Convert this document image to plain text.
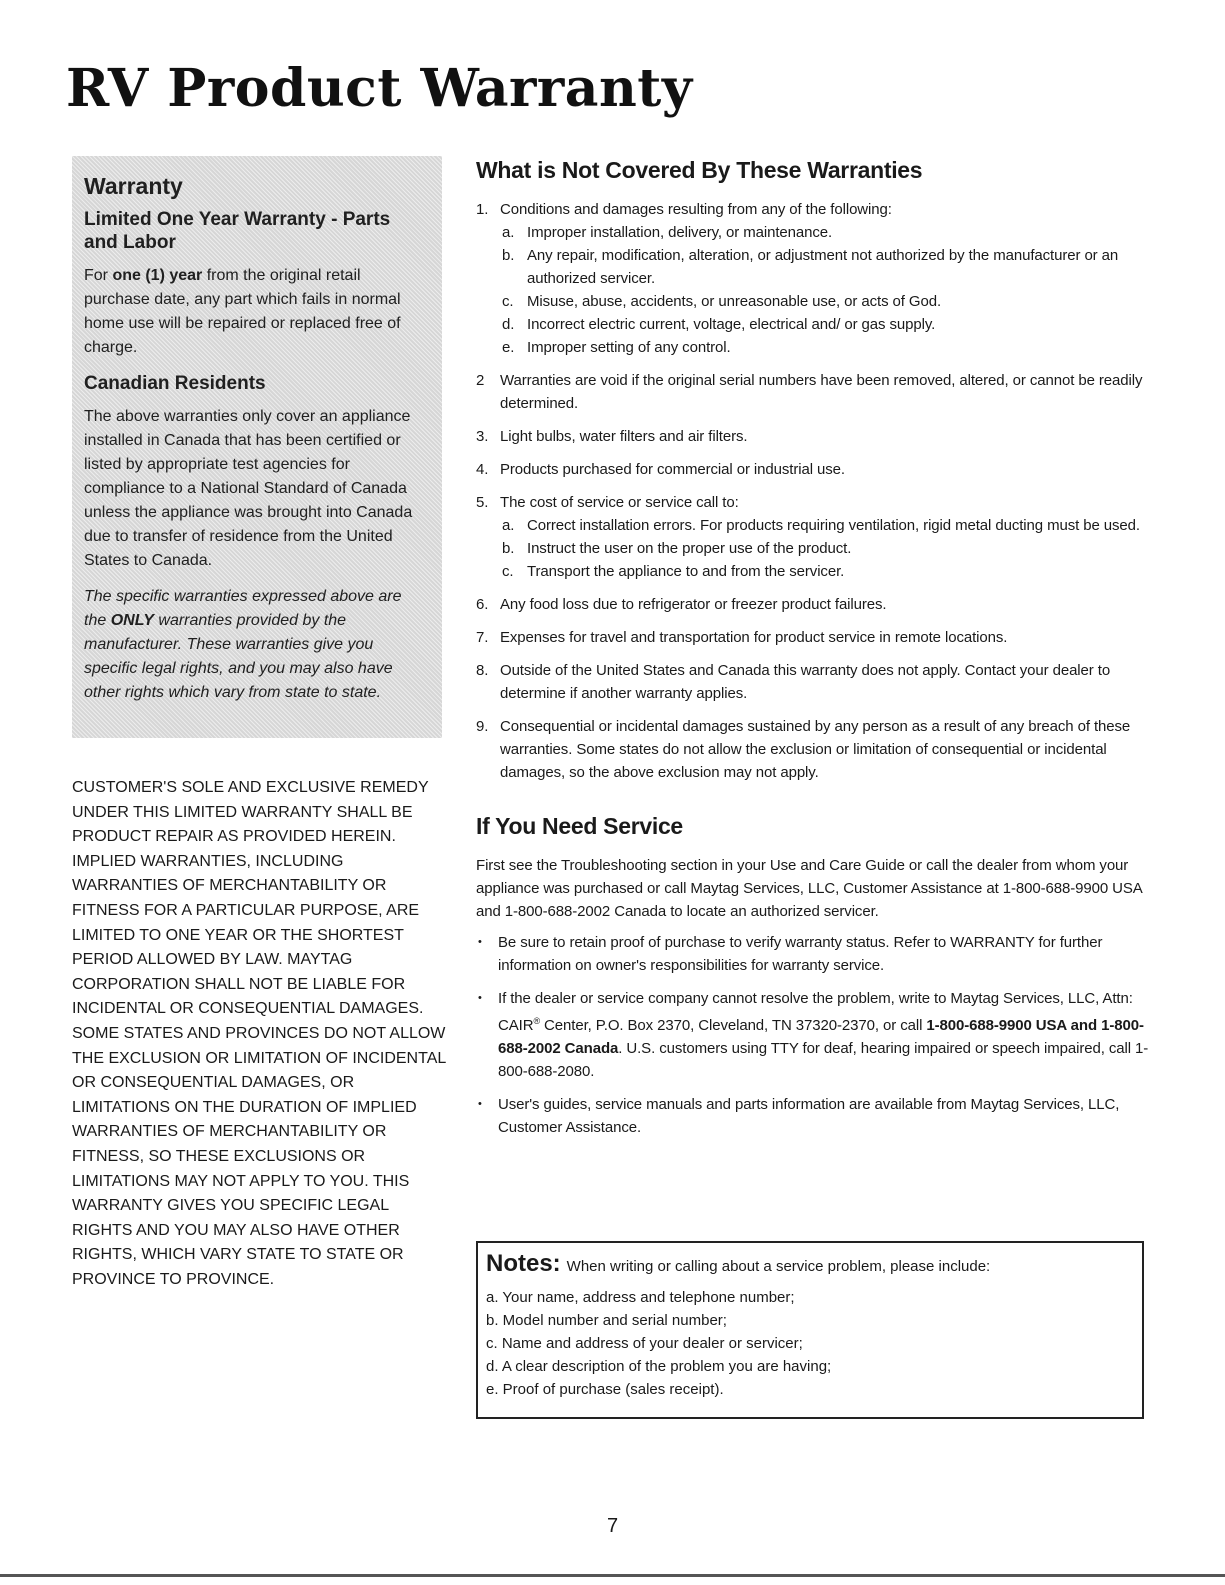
RV Product Warranty
Warranty
Limited One Year Warranty - Parts and Labor

For one (1) year from the original retail purchase date, any part which fails in normal home use will be repaired or replaced free of charge.

Canadian Residents

The above warranties only cover an appliance installed in Canada that has been certified or listed by appropriate test agencies for compliance to a National Standard of Canada unless the appliance was brought into Canada due to transfer of residence from the United States to Canada.

The specific warranties expressed above are the ONLY warranties provided by the manufacturer. These warranties give you specific legal rights, and you may also have other rights which vary from state to state.

CUSTOMER'S SOLE AND EXCLUSIVE REMEDY UNDER THIS LIMITED WARRANTY SHALL BE PRODUCT REPAIR AS PROVIDED HEREIN. IMPLIED WARRANTIES, INCLUDING WARRANTIES OF MERCHANTABILITY OR FITNESS FOR A PARTICULAR PURPOSE, ARE LIMITED TO ONE YEAR OR THE SHORTEST PERIOD ALLOWED BY LAW. MAYTAG CORPORATION SHALL NOT BE LIABLE FOR INCIDENTAL OR CONSEQUENTIAL DAMAGES. SOME STATES AND PROVINCES DO NOT ALLOW THE EXCLUSION OR LIMITATION OF INCIDENTAL OR CONSEQUENTIAL DAMAGES, OR LIMITATIONS ON THE DURATION OF IMPLIED WARRANTIES OF MERCHANTABILITY OR FITNESS, SO THESE EXCLUSIONS OR LIMITATIONS MAY NOT APPLY TO YOU. THIS WARRANTY GIVES YOU SPECIFIC LEGAL RIGHTS AND YOU MAY ALSO HAVE OTHER RIGHTS, WHICH VARY STATE TO STATE OR PROVINCE TO PROVINCE.

What is Not Covered By These Warranties
1. Conditions and damages resulting from any of the following:
a. Improper installation, delivery, or maintenance.
b. Any repair, modification, alteration, or adjustment not authorized by the manufacturer or an authorized servicer.
c. Misuse, abuse, accidents, or unreasonable use, or acts of God.
d. Incorrect electric current, voltage, electrical and/ or gas supply.
e. Improper setting of any control.
2 Warranties are void if the original serial numbers have been removed, altered, or cannot be readily determined.
3. Light bulbs, water filters and air filters.
4. Products purchased for commercial or industrial use.
5. The cost of service or service call to:
a. Correct installation errors. For products requiring ventilation, rigid metal ducting must be used.
b. Instruct the user on the proper use of the product.
c. Transport the appliance to and from the servicer.
6. Any food loss due to refrigerator or freezer product failures.
7. Expenses for travel and transportation for product service in remote locations.
8. Outside of the United States and Canada this warranty does not apply. Contact your dealer to determine if another warranty applies.
9. Consequential or incidental damages sustained by any person as a result of any breach of these warranties. Some states do not allow the exclusion or limitation of consequential or incidental damages, so the above exclusion may not apply.
If You Need Service
First see the Troubleshooting section in your Use and Care Guide or call the dealer from whom your appliance was purchased or call Maytag Services, LLC, Customer Assistance at 1-800-688-9900 USA and 1-800-688-2002 Canada to locate an authorized servicer.
• Be sure to retain proof of purchase to verify warranty status. Refer to WARRANTY for further information on owner's responsibilities for warranty service.
• If the dealer or service company cannot resolve the problem, write to Maytag Services, LLC, Attn: CAIR® Center, P.O. Box 2370, Cleveland, TN 37320-2370, or call 1-800-688-9900 USA and 1-800-688-2002 Canada. U.S. customers using TTY for deaf, hearing impaired or speech impaired, call 1-800-688-2080.
• User's guides, service manuals and parts information are available from Maytag Services, LLC, Customer Assistance.
Notes: When writing or calling about a service problem, please include:
a. Your name, address and telephone number;
b. Model number and serial number;
c. Name and address of your dealer or servicer;
d. A clear description of the problem you are having;
e. Proof of purchase (sales receipt).
7
